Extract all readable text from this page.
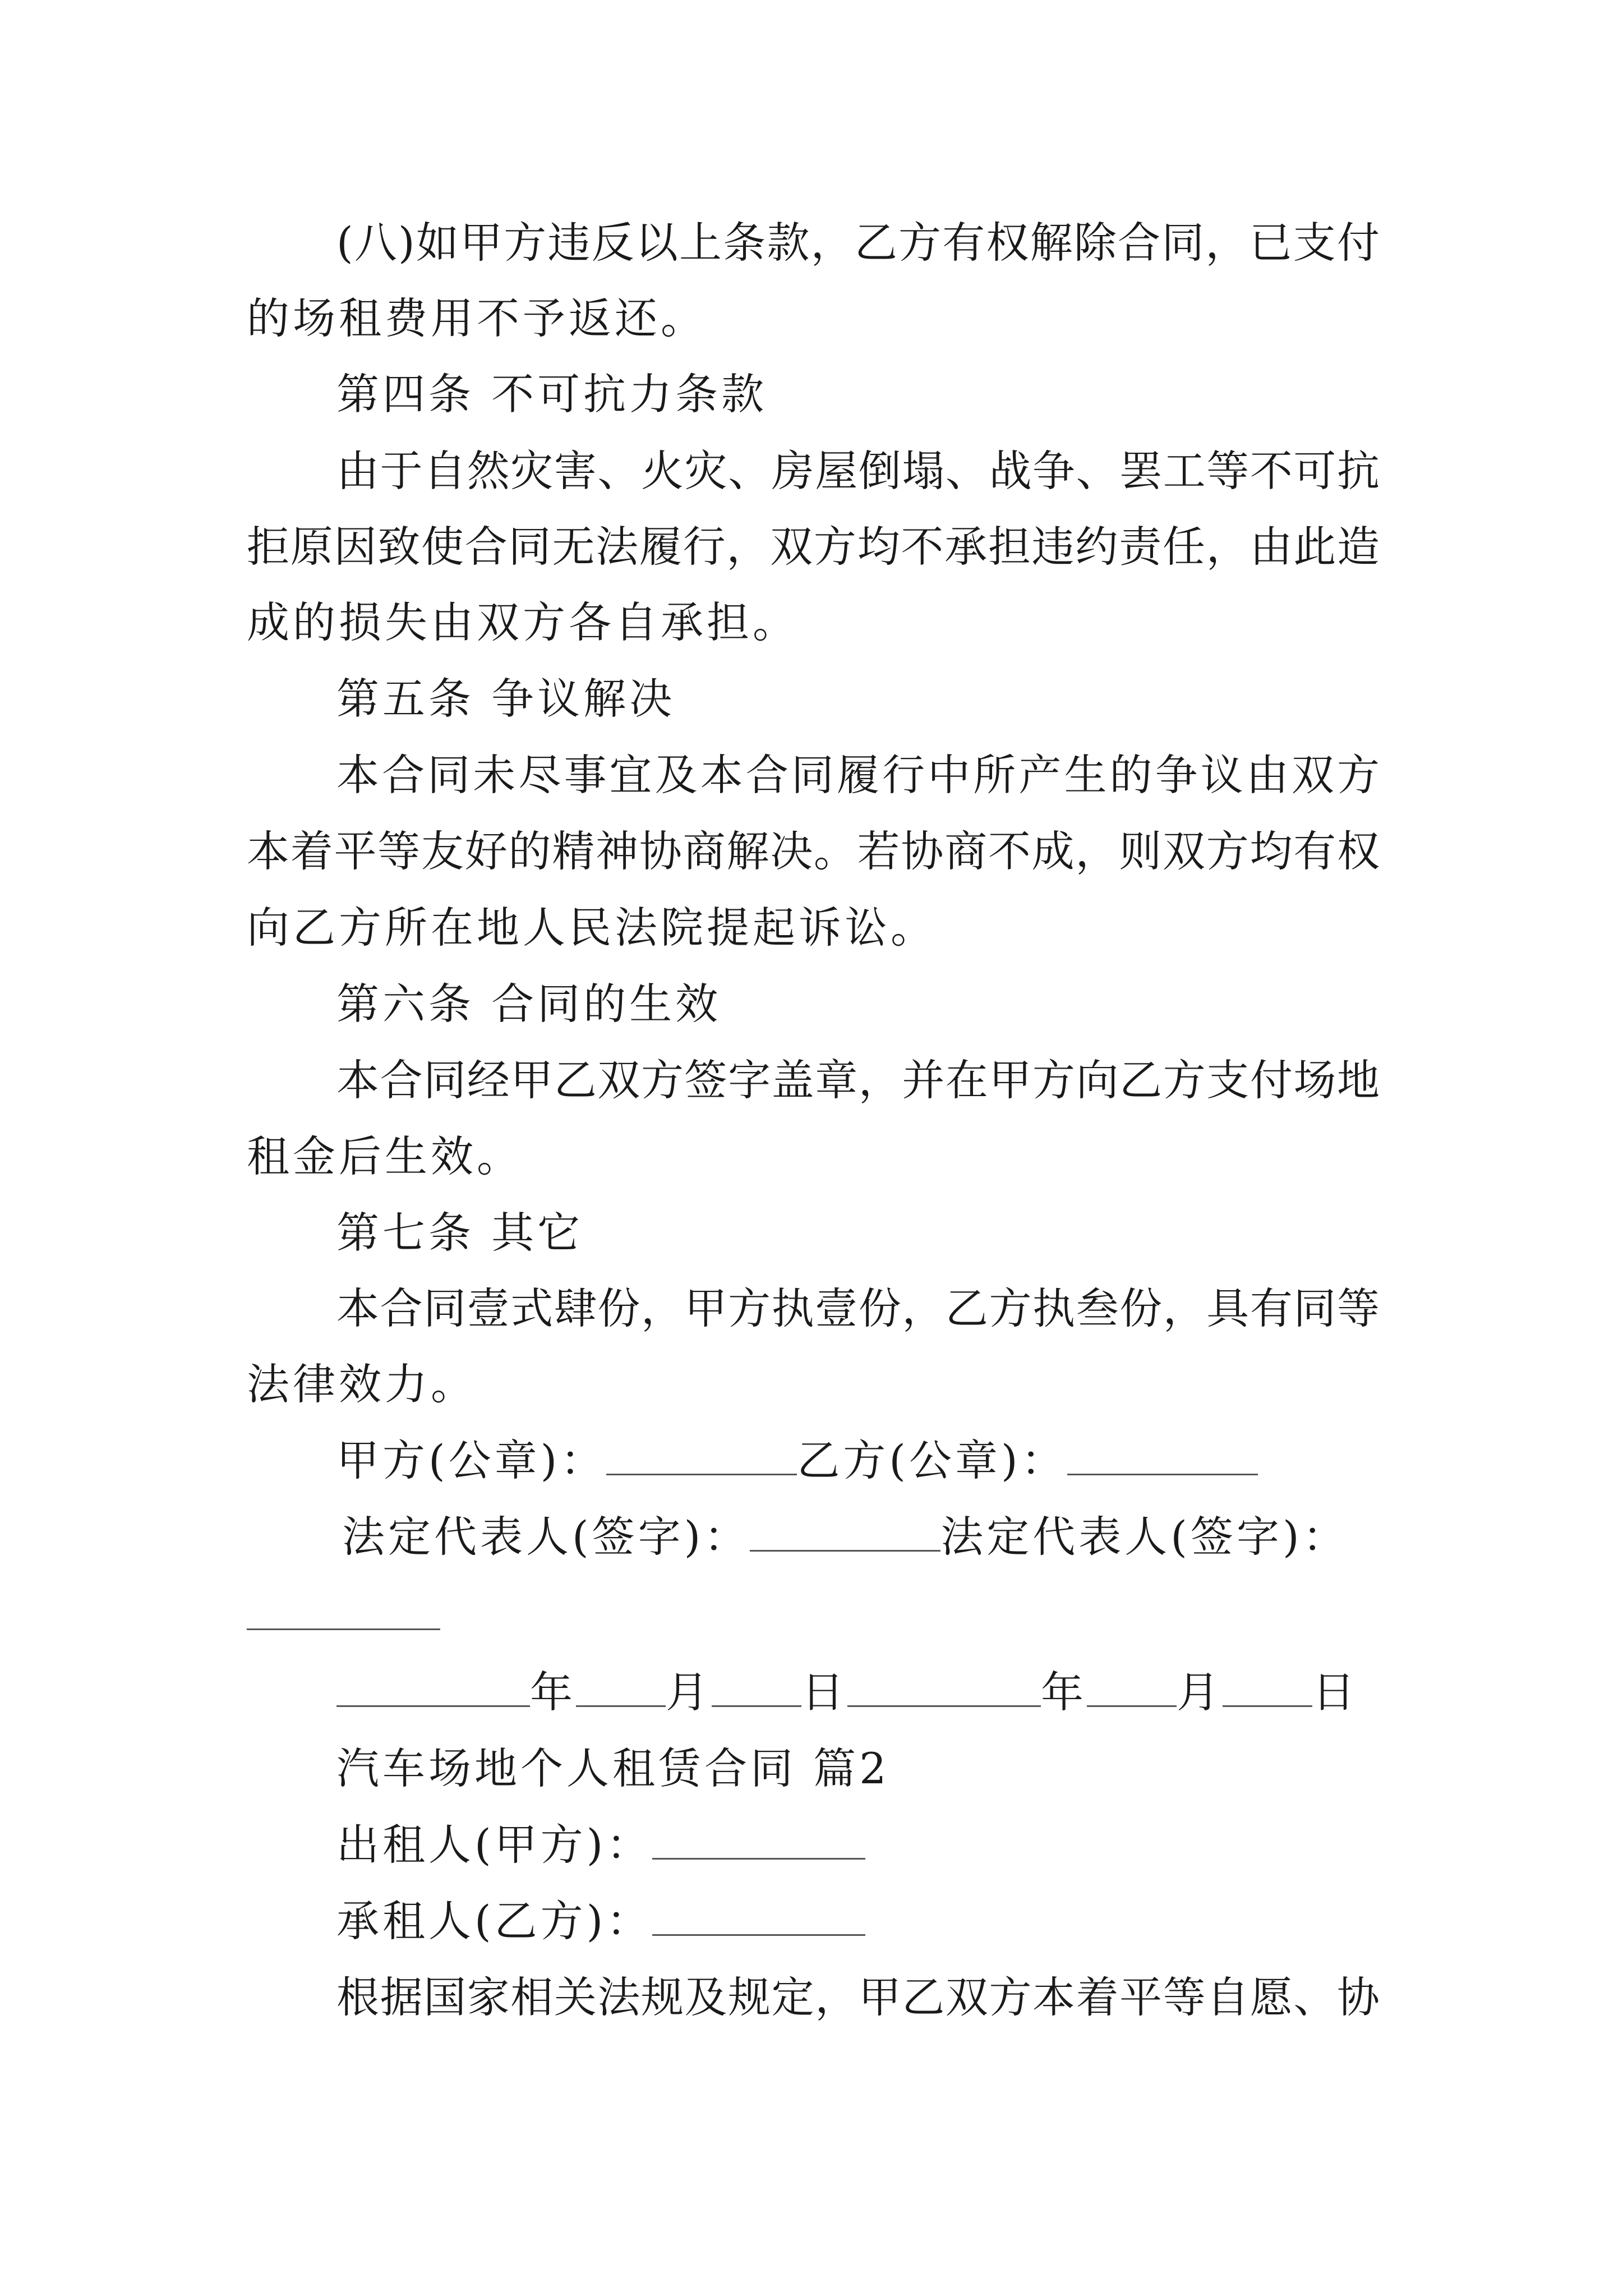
(八)如甲方违反以上条款，乙方有权解除合同，已支付
的场租费用不予返还。
第四条 不可抗力条款
由于自然灾害、火灾、房屋倒塌、战争、罢工等不可抗
拒原因致使合同无法履行，双方均不承担违约责任，由此造
成的损失由双方各自承担。
第五条 争议解决
本合同未尽事宜及本合同履行中所产生的争议由双方
本着平等友好的精神协商解决。若协商不成，则双方均有权
向乙方所在地人民法院提起诉讼。
第六条 合同的生效
本合同经甲乙双方签字盖章，并在甲方向乙方支付场地
租金后生效。
第七条 其它
本合同壹式肆份，甲方执壹份，乙方执叁份，具有同等
法律效力。
甲方(公章)：	乙方(公章)：
法定代表人(签字)：	法定代表人(签字)：
年 月 日	年 月 日
汽车场地个人租赁合同 篇2
出租人(甲方)：
承租人(乙方)：
根据国家相关法规及规定，甲乙双方本着平等自愿、协
